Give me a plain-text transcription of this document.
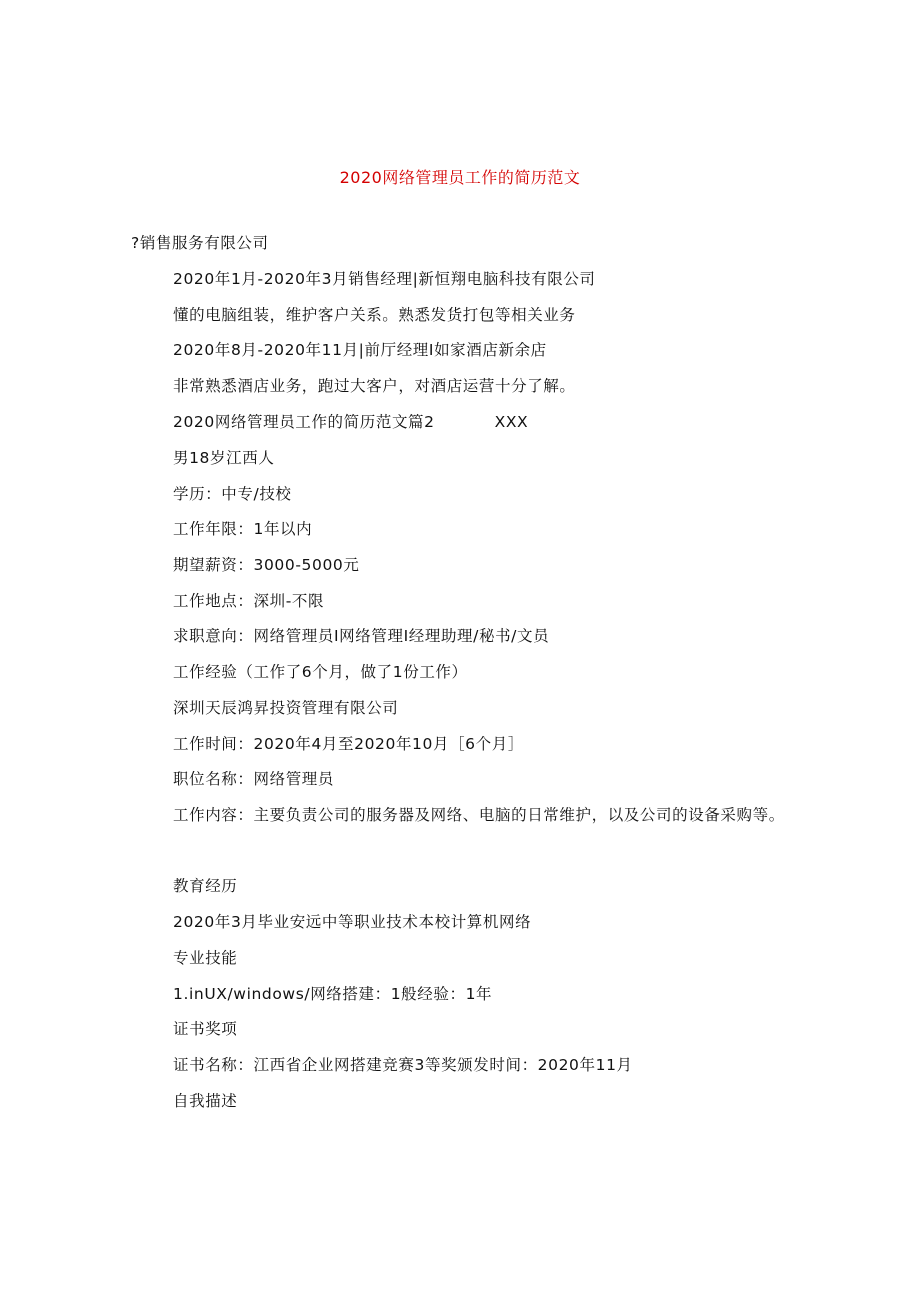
2020网络管理员工作的简历范文
?销售服务有限公司
2020年1月-2020年3月销售经理|新恒翔电脑科技有限公司
懂的电脑组装，维护客户关系。熟悉发货打包等相关业务
2020年8月-2020年11月|前厅经理I如家酒店新余店
非常熟悉酒店业务，跑过大客户，对酒店运营十分了解。
2020网络管理员工作的简历范文篇2	XXX
男18岁江西人
学历：中专/技校
工作年限：1年以内
期望薪资：3000-5000元
工作地点：深圳-不限
求职意向：网络管理员I网络管理I经理助理/秘书/文员
工作经验（工作了6个月，做了1份工作）
深圳天辰鸿昇投资管理有限公司
工作时间：2020年4月至2020年10月［6个月］
职位名称：网络管理员
工作内容：主要负责公司的服务器及网络、电脑的日常维护，以及公司的设备采购等。
教育经历
2020年3月毕业安远中等职业技术本校计算机网络
专业技能
1.inUX/windows/网络搭建：1般经验：1年
证书奖项
证书名称：江西省企业网搭建竞赛3等奖颁发时间：2020年11月
自我描述
